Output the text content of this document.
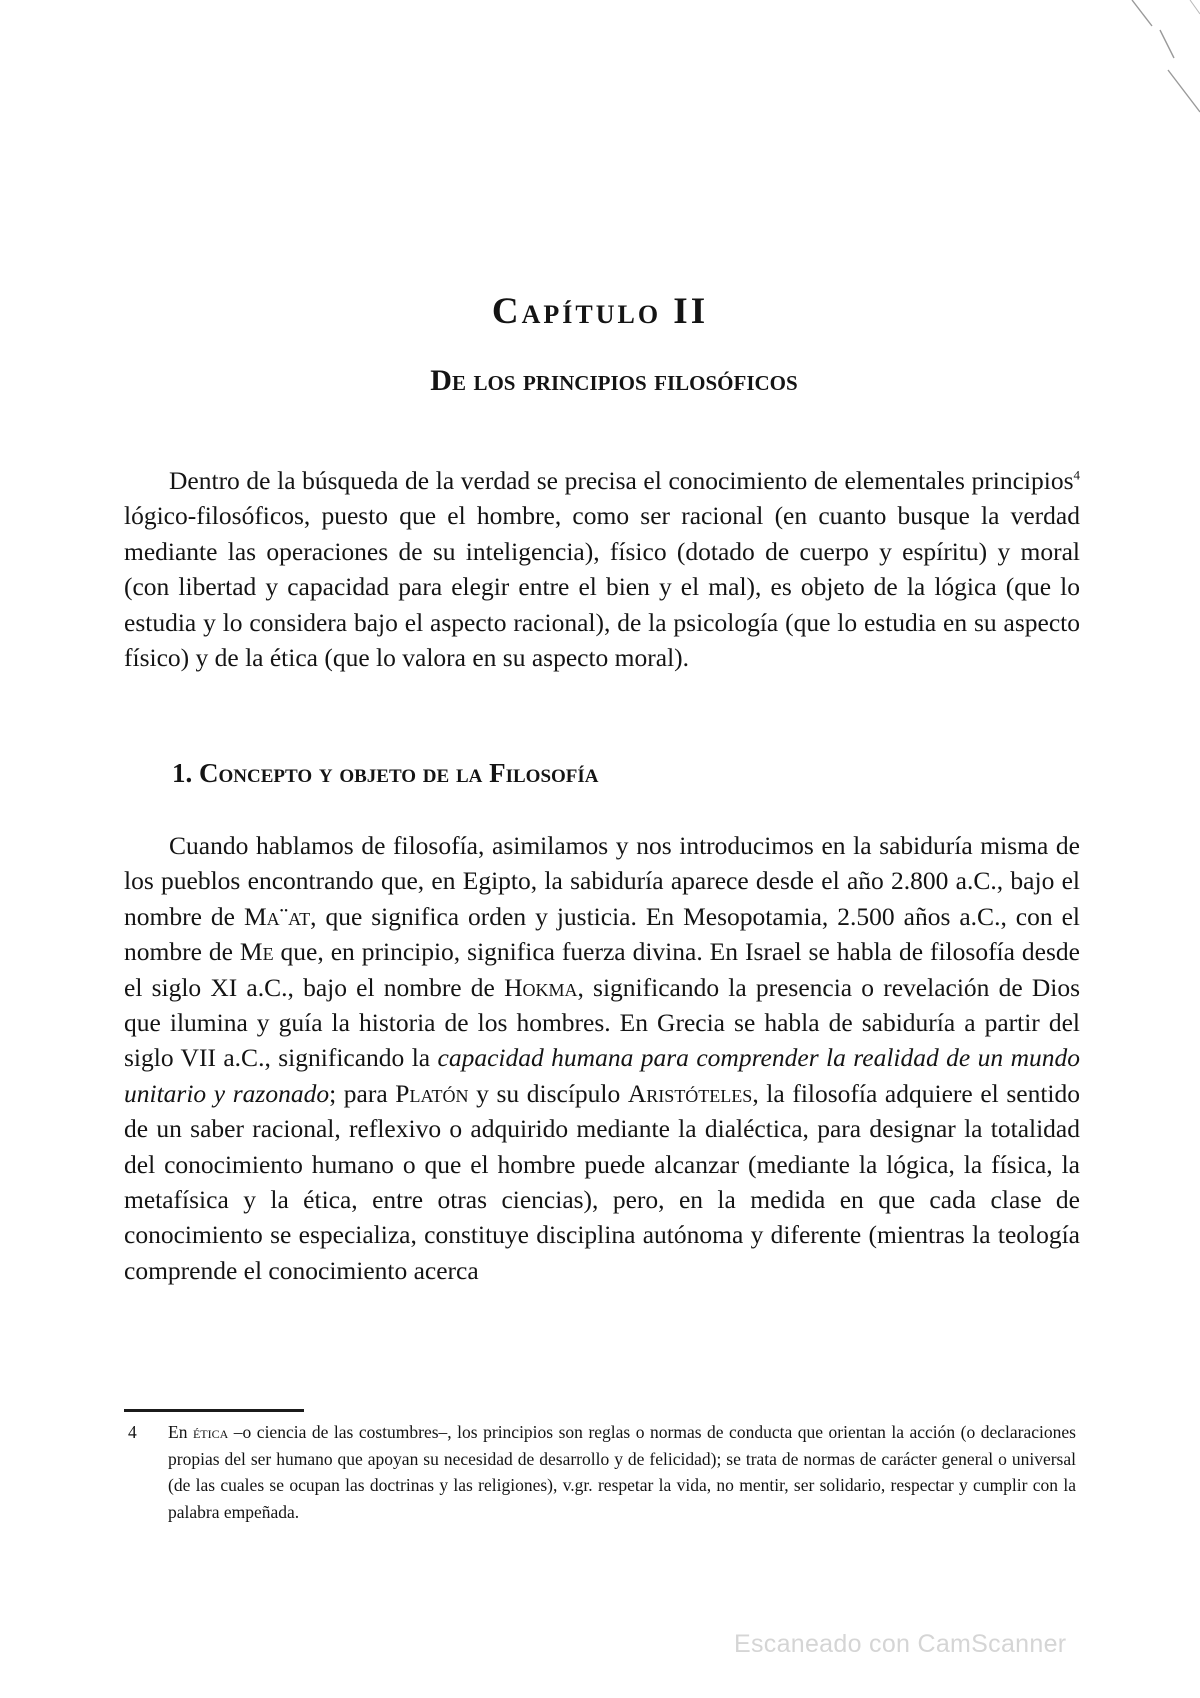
Capítulo II
De los principios filosóficos

Dentro de la búsqueda de la verdad se precisa el conocimiento de elementales principios$^4$ lógico-filosóficos, puesto que el hombre, como ser racional (en cuanto busque la verdad mediante las operaciones de su inteligencia), físico (dotado de cuerpo y espíritu) y moral (con libertad y capacidad para elegir entre el bien y el mal), es objeto de la lógica (que lo estudia y lo considera bajo el aspecto racional), de la psicología (que lo estudia en su aspecto físico) y de la ética (que lo valora en su aspecto moral).

1. Concepto y objeto de la Filosofía

Cuando hablamos de filosofía, asimilamos y nos introducimos en la sabiduría misma de los pueblos encontrando que, en Egipto, la sabiduría aparece desde el año 2.800 a.C., bajo el nombre de Ma¨at, que significa orden y justicia. En Mesopotamia, 2.500 años a.C., con el nombre de Me que, en principio, significa fuerza divina. En Israel se habla de filosofía desde el siglo XI a.C., bajo el nombre de Hokma, significando la presencia o revelación de Dios que ilumina y guía la historia de los hombres. En Grecia se habla de sabiduría a partir del siglo VII a.C., significando la capacidad humana para comprender la realidad de un mundo unitario y razonado; para Platón y su discípulo Aristóteles, la filosofía adquiere el sentido de un saber racional, reflexivo o adquirido mediante la dialéctica, para designar la totalidad del conocimiento humano o que el hombre puede alcanzar (mediante la lógica, la física, la metafísica y la ética, entre otras ciencias), pero, en la medida en que cada clase de conocimiento se especializa, constituye disciplina autónoma y diferente (mientras la teología comprende el conocimiento acerca

4 En ética –o ciencia de las costumbres–, los principios son reglas o normas de conducta que orientan la acción (o declaraciones propias del ser humano que apoyan su necesidad de desarrollo y de felicidad); se trata de normas de carácter general o universal (de las cuales se ocupan las doctrinas y las religiones), v.gr. respetar la vida, no mentir, ser solidario, respectar y cumplir con la palabra empeñada.
Escaneado con CamScanner
